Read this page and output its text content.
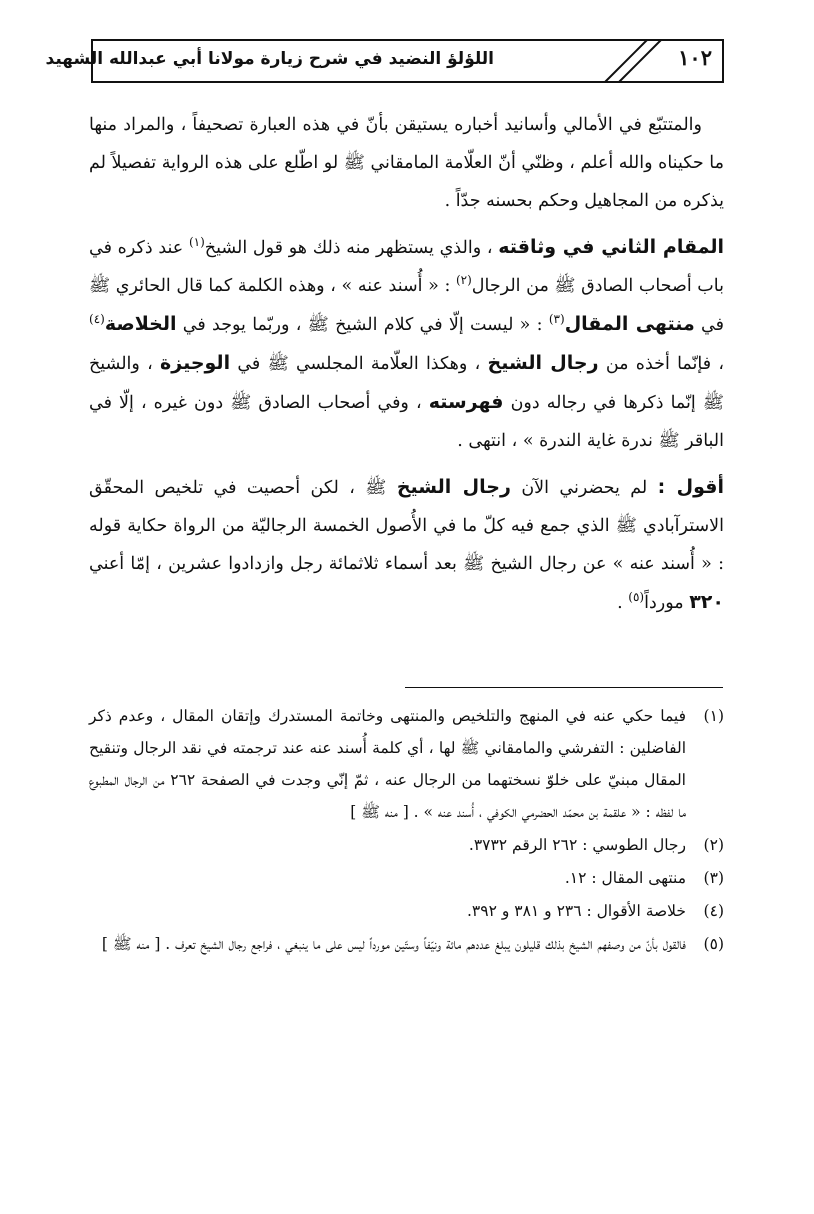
١٠٢
اللؤلؤ النضيد في شرح زيارة مولانا أبي عبدالله الشهيد

والمتتبّع في الأمالي وأسانيد أخباره يستيقن بأنّ في هذه العبارة تصحيفاً ، والمراد منها ما حكيناه والله أعلم ، وظنّي أنّ العلّامة المامقاني ﷺ لو اطّلع على هذه الرواية تفصيلاً لم يذكره من المجاهيل وحكم بحسنه جدّاً .

المقام الثاني في وثاقته ، والذي يستظهر منه ذلك هو قول الشيخ$^{(١)}$ عند ذكره في باب أصحاب الصادق ﷺ من الرجال$^{(٢)}$ : « أُسند عنه » ، وهذه الكلمة كما قال الحائري ﷺ في منتهى المقال$^{(٣)}$ : « ليست إلّا في كلام الشيخ ﷺ ، وربّما يوجد في الخلاصة$^{(٤)}$ ، فإنّما أخذه من رجال الشيخ ، وهكذا العلّامة المجلسي ﷺ في الوجيزة ، والشيخ ﷺ إنّما ذكرها في رجاله دون فهرسته ، وفي أصحاب الصادق ﷺ دون غيره ، إلّا في الباقر ﷺ ندرة غاية الندرة » ، انتهى .

أقول : لم يحضرني الآن رجال الشيخ ﷺ ، لكن أحصيت في تلخيص المحقّق الاسترآبادي ﷺ الذي جمع فيه كلّ ما في الأُصول الخمسة الرجاليّة من الرواة حكاية قوله : « أُسند عنه » عن رجال الشيخ ﷺ بعد أسماء ثلاثمائة رجل وازدادوا عشرين ، إمّا أعني ٣٢٠ مورداً$^{(٥)}$ .

(١)
فيما حكي عنه في المنهج والتلخيص والمنتهى وخاتمة المستدرك وإتقان المقال ، وعدم ذكر الفاضلين : التفرشي والمامقاني ﷺ لها ، أي كلمة أُسند عنه عند ترجمته في نقد الرجال وتنقيح المقال مبنيّ على خلوّ نسختهما من الرجال عنه ، ثمّ إنّي وجدت في الصفحة ٢٦٢ من الرجال المطبوع ما لفظه : « علقمة بن محمّد الحضرمي الكوفي ، أُسند عنه » . [ منه ﷺ ]
(٢)
رجال الطوسي : ٢٦٢ الرقم ٣٧٣٢.
(٣)
منتهى المقال : ١٢.
(٤)
خلاصة الأقوال : ٢٣٦ و ٣٨١ و ٣٩٢.
(٥)
فالقول بأنّ من وصفهم الشيخ بذلك قليلون يبلغ عددهم مائة ونيّفاً وستّين مورداً ليس على ما ينبغي ، فراجع رجال الشيخ تعرف . [ منه ﷺ ]
